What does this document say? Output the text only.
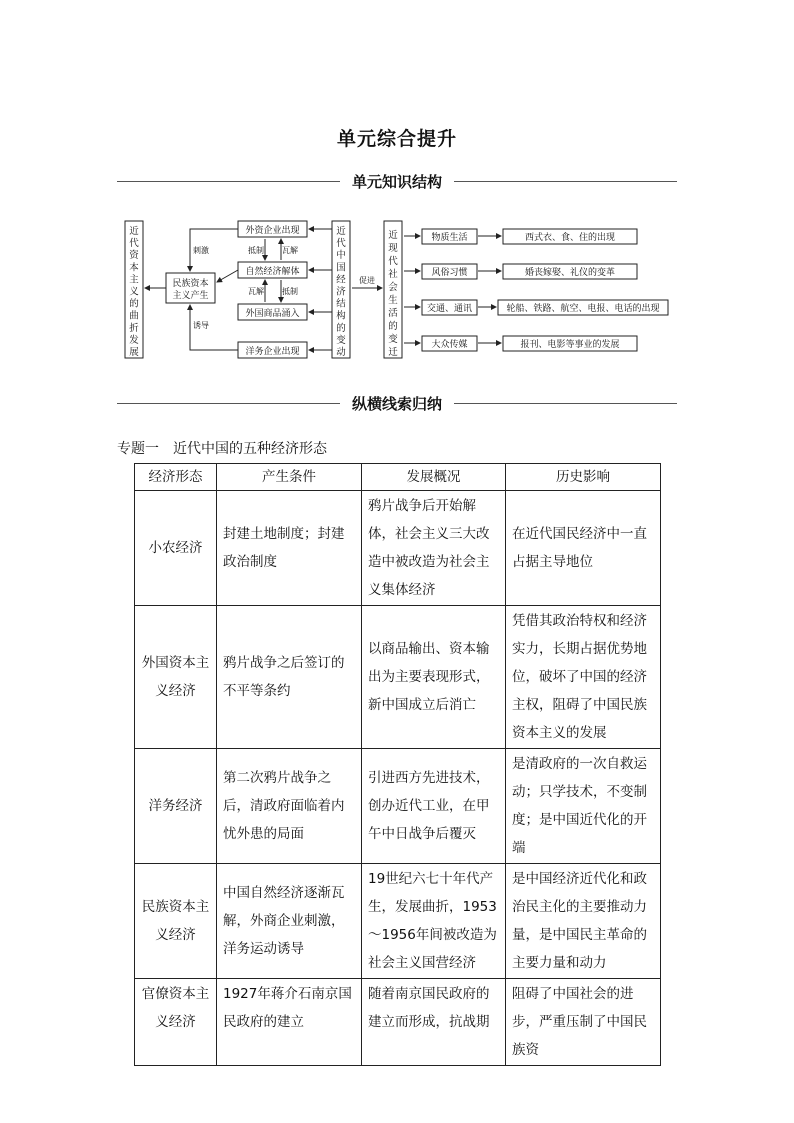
单元综合提升
单元知识结构
近
代
资
本
主
义
的
曲
折
发
展
近
代
中
国
经
济
结
构
的
变
动
近
现
代
社
会
生
活
的
变
迁
民族资本
主义产生
外资企业出现
自然经济解体
外国商品涌入
洋务企业出现
刺激
诱导
抵制 瓦解
瓦解 抵制
促进
物质生活
风俗习惯
交通、通讯
大众传媒
西式衣、食、住的出现
婚丧嫁娶、礼仪的变革
轮船、铁路、航空、电报、电话的出现
报刊、电影等事业的发展
纵横线索归纳
专题一 近代中国的五种经济形态
经济形态	产生条件	发展概况	历史影响
小农经济	封建土地制度；封建政治制度	鸦片战争后开始解体，社会主义三大改造中被改造为社会主义集体经济	在近代国民经济中一直占据主导地位
外国资本主义经济	鸦片战争之后签订的不平等条约	以商品输出、资本输出为主要表现形式，新中国成立后消亡	凭借其政治特权和经济实力，长期占据优势地位，破坏了中国的经济主权，阻碍了中国民族资本主义的发展
洋务经济	第二次鸦片战争之后，清政府面临着内忧外患的局面	引进西方先进技术，创办近代工业，在甲午中日战争后覆灭	是清政府的一次自救运动；只学技术，不变制度；是中国近代化的开端
民族资本主义经济	中国自然经济逐渐瓦解，外商企业刺激，洋务运动诱导	19世纪六七十年代产生，发展曲折，1953～1956年间被改造为社会主义国营经济	是中国经济近代化和政治民主化的主要推动力量，是中国民主革命的主要力量和动力
官僚资本主义经济	1927年蒋介石南京国民政府的建立	随着南京国民政府的建立而形成，抗战期	阻碍了中国社会的进步，严重压制了中国民族资
